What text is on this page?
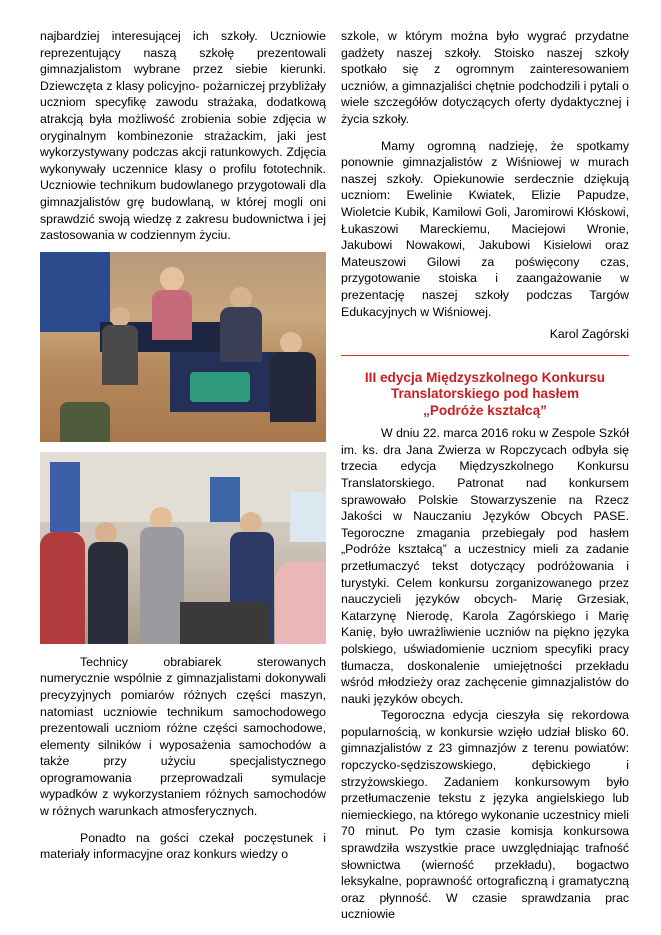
najbardziej interesującej ich szkoły. Uczniowie reprezentujący naszą szkołę prezentowali gimnazjalistom wybrane przez siebie kierunki. Dziewczęta z klasy policyjno- pożarniczej przybliżały uczniom specyfikę zawodu strażaka, dodatkową atrakcją była możliwość zrobienia sobie zdjęcia w oryginalnym kombinezonie strażackim, jaki jest wykorzystywany podczas akcji ratunkowych. Zdjęcia wykonywały uczennice klasy o profilu fototechnik. Uczniowie technikum budowlanego przygotowali dla gimnazjalistów grę budowlaną, w której mogli oni sprawdzić swoją wiedzę z zakresu budownictwa i jej zastosowania w codziennym życiu.

Technicy obrabiarek sterowanych numerycznie wspólnie z gimnazjalistami dokonywali precyzyjnych pomiarów różnych części maszyn, natomiast uczniowie technikum samochodowego prezentowali uczniom różne części samochodowe, elementy silników i wyposażenia samochodów a także przy użyciu specjalistycznego oprogramowania przeprowadzali symulacje wypadków z wykorzystaniem różnych samochodów w różnych warunkach atmosferycznych.

Ponadto na gości czekał poczęstunek i materiały informacyjne oraz konkurs wiedzy o

szkole, w którym można było wygrać przydatne gadżety naszej szkoły. Stoisko naszej szkoły spotkało się z ogromnym zainteresowaniem uczniów, a gimnazjaliści chętnie podchodzili i pytali o wiele szczegółów dotyczących oferty dydaktycznej i życia szkoły.

Mamy ogromną nadzieję, że spotkamy ponownie gimnazjalistów z Wiśniowej w murach naszej szkoły. Opiekunowie serdecznie dziękują uczniom: Ewelinie Kwiatek, Elizie Papudze, Wioletcie Kubik, Kamilowi Goli, Jaromirowi Kłóskowi, Łukaszowi Mareckiemu, Maciejowi Wronie, Jakubowi Nowakowi, Jakubowi Kisielowi oraz Mateuszowi Gilowi za poświęcony czas, przygotowanie stoiska i zaangażowanie w prezentację naszej szkoły podczas Targów Edukacyjnych w Wiśniowej.

Karol Zagórski

III edycja Międzyszkolnego Konkursu
Translatorskiego pod hasłem
„Podróże kształcą”

W dniu 22. marca 2016 roku w Zespole Szkół im. ks. dra Jana Zwierza w Ropczycach odbyła się trzecia edycja Międzyszkolnego Konkursu Translatorskiego. Patronat nad konkursem sprawowało Polskie Stowarzyszenie na Rzecz Jakości w Nauczaniu Języków Obcych PASE. Tegoroczne zmagania przebiegały pod hasłem „Podróże kształcą” a uczestnicy mieli za zadanie przetłumaczyć tekst dotyczący podróżowania i turystyki. Celem konkursu zorganizowanego przez nauczycieli języków obcych- Marię Grzesiak, Katarzynę Nierodę, Karola Zagórskiego i Marię Kanię, było uwrażliwienie uczniów na piękno języka polskiego, uświadomienie uczniom specyfiki pracy tłumacza, doskonalenie umiejętności przekładu wśród młodzieży oraz zachęcenie gimnazjalistów do nauki języków obcych.

Tegoroczna edycja cieszyła się rekordowa popularnością, w konkursie wzięło udział blisko 60. gimnazjalistów z 23 gimnazjów z terenu powiatów: ropczycko-sędziszowskiego, dębickiego i strzyżowskiego. Zadaniem konkursowym było przetłumaczenie tekstu z języka angielskiego lub niemieckiego, na którego wykonanie uczestnicy mieli 70 minut. Po tym czasie komisja konkursowa sprawdziła wszystkie prace uwzględniając trafność słownictwa (wierność przekładu), bogactwo leksykalne, poprawność ortograficzną i gramatyczną oraz płynność. W czasie sprawdzania prac uczniowie
